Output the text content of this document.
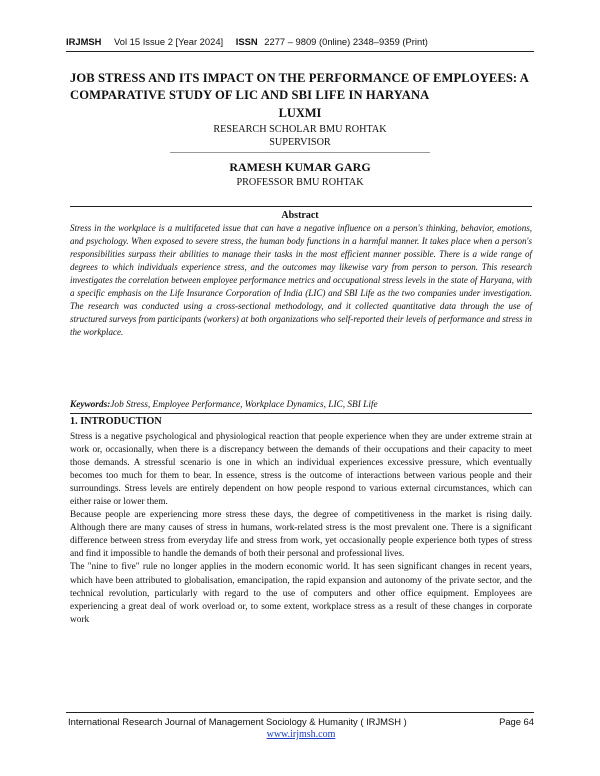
IRJMSH Vol 15 Issue 2 [Year 2024] ISSN 2277 – 9809 (0nline) 2348–9359 (Print)
JOB STRESS AND ITS IMPACT ON THE PERFORMANCE OF EMPLOYEES: A
COMPARATIVE STUDY OF LIC AND SBI LIFE IN HARYANA
LUXMI
RESEARCH SCHOLAR BMU ROHTAK
SUPERVISOR
RAMESH KUMAR GARG
PROFESSOR BMU ROHTAK
Abstract
Stress in the workplace is a multifaceted issue that can have a negative influence on a person's thinking, behavior, emotions, and psychology. When exposed to severe stress, the human body functions in a harmful manner. It takes place when a person's responsibilities surpass their abilities to manage their tasks in the most efficient manner possible. There is a wide range of degrees to which individuals experience stress, and the outcomes may likewise vary from person to person. This research investigates the correlation between employee performance metrics and occupational stress levels in the state of Haryana, with a specific emphasis on the Life Insurance Corporation of India (LIC) and SBI Life as the two companies under investigation. The research was conducted using a cross-sectional methodology, and it collected quantitative data through the use of structured surveys from participants (workers) at both organizations who self-reported their levels of performance and stress in the workplace.
Keywords:Job Stress, Employee Performance, Workplace Dynamics, LIC, SBI Life
1. INTRODUCTION

Stress is a negative psychological and physiological reaction that people experience when they are under extreme strain at work or, occasionally, when there is a discrepancy between the demands of their occupations and their capacity to meet those demands. A stressful scenario is one in which an individual experiences excessive pressure, which eventually becomes too much for them to bear. In essence, stress is the outcome of interactions between various people and their surroundings. Stress levels are entirely dependent on how people respond to various external circumstances, which can either raise or lower them.

Because people are experiencing more stress these days, the degree of competitiveness in the market is rising daily. Although there are many causes of stress in humans, work-related stress is the most prevalent one. There is a significant difference between stress from everyday life and stress from work, yet occasionally people experience both types of stress and find it impossible to handle the demands of both their personal and professional lives.

The "nine to five" rule no longer applies in the modern economic world. It has seen significant changes in recent years, which have been attributed to globalisation, emancipation, the rapid expansion and autonomy of the private sector, and the technical revolution, particularly with regard to the use of computers and other office equipment. Employees are experiencing a great deal of work overload or, to some extent, workplace stress as a result of these changes in corporate work

International Research Journal of Management Sociology & Humanity ( IRJMSH )	Page 64
www.irjmsh.com
